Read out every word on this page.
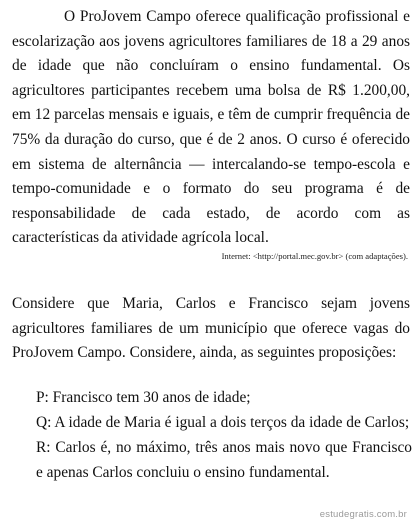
O ProJovem Campo oferece qualificação profissional e escolarização aos jovens agricultores familiares de 18 a 29 anos de idade que não concluíram o ensino fundamental. Os agricultores participantes recebem uma bolsa de R$ 1.200,00, em 12 parcelas mensais e iguais, e têm de cumprir frequência de 75% da duração do curso, que é de 2 anos. O curso é oferecido em sistema de alternância — intercalando-se tempo-escola e tempo-comunidade e o formato do seu programa é de responsabilidade de cada estado, de acordo com as características da atividade agrícola local.

Internet: <http://portal.mec.gov.br> (com adaptações).

Considere que Maria, Carlos e Francisco sejam jovens agricultores familiares de um município que oferece vagas do ProJovem Campo. Considere, ainda, as seguintes proposições:

P: Francisco tem 30 anos de idade;

Q: A idade de Maria é igual a dois terços da idade de Carlos;

R: Carlos é, no máximo, três anos mais novo que Francisco e apenas Carlos concluiu o ensino fundamental.

estudegratis.com.br
